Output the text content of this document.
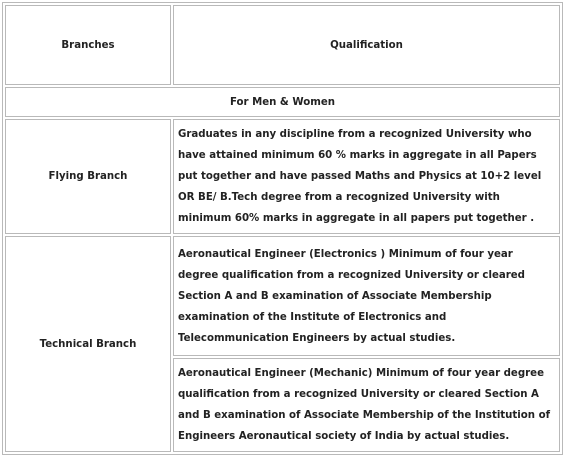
Branches	Qualification
For Men & Women	
Flying Branch	Graduates in any discipline from a recognized University who have attained minimum 60 % marks in aggregate in all Papers put together and have passed Maths and Physics at 10+2 level OR BE/ B.Tech degree from a recognized University with minimum 60% marks in aggregate in all papers put together .
Technical Branch	Aeronautical Engineer (Electronics ) Minimum of four year degree qualification from a recognized University or cleared Section A and B examination of Associate Membership examination of the Institute of Electronics and Telecommunication Engineers by actual studies.
	Aeronautical Engineer (Mechanic) Minimum of four year degree qualification from a recognized University or cleared Section A and B examination of Associate Membership of the Institution of Engineers Aeronautical society of India by actual studies.
